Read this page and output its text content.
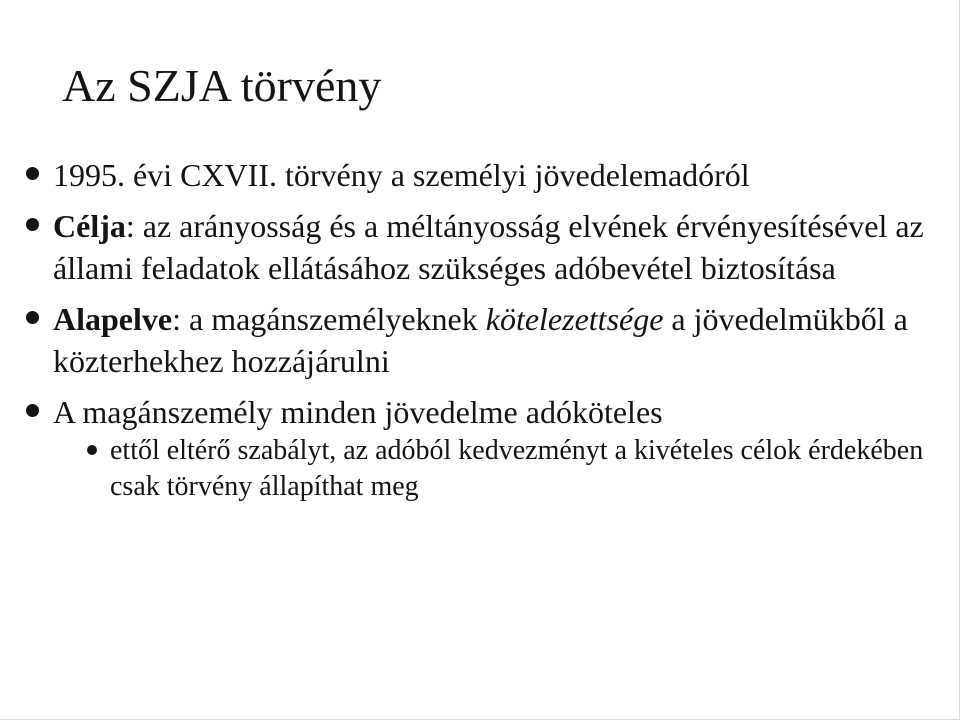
Az SZJA törvény
1995. évi CXVII. törvény a személyi jövedelemadóról
Célja: az arányosság és a méltányosság elvének érvényesítésével az állami feladatok ellátásához szükséges adóbevétel biztosítása
Alapelve: a magánszemélyeknek kötelezettsége a jövedelmükből a közterhekhez hozzájárulni
A magánszemély minden jövedelme adóköteles
ettől eltérő szabályt, az adóból kedvezményt a kivételes célok érdekében csak törvény állapíthat meg
